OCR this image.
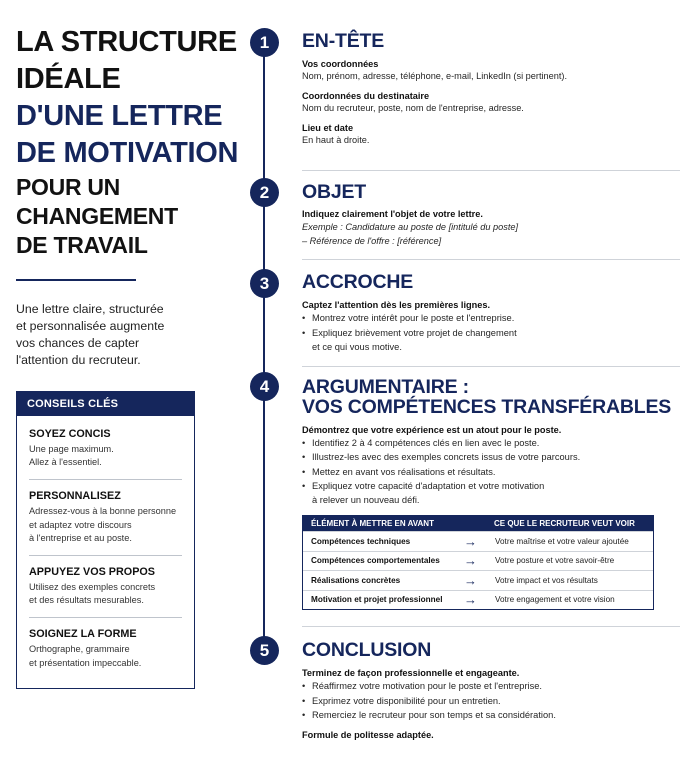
LA STRUCTURE
IDÉALE
D'UNE LETTRE
DE MOTIVATION
POUR UN
CHANGEMENT
DE TRAVAIL
Une lettre claire, structurée
et personnalisée augmente
vos chances de capter
l'attention du recruteur.
CONSEILS CLÉS
SOYEZ CONCIS
Une page maximum.
Allez à l'essentiel.
PERSONNALISEZ
Adressez-vous à la bonne personne
et adaptez votre discours
à l'entreprise et au poste.
APPUYEZ VOS PROPOS
Utilisez des exemples concrets
et des résultats mesurables.
SOIGNEZ LA FORME
Orthographe, grammaire
et présentation impeccable.
1
2
3
4
5
EN-TÊTE
Vos coordonnées
Nom, prénom, adresse, téléphone, e-mail, LinkedIn (si pertinent).
Coordonnées du destinataire
Nom du recruteur, poste, nom de l'entreprise, adresse.
Lieu et date
En haut à droite.
OBJET
Indiquez clairement l'objet de votre lettre.
Exemple : Candidature au poste de [intitulé du poste]
– Référence de l'offre : [référence]
ACCROCHE
Captez l'attention dès les premières lignes.
• Montrez votre intérêt pour le poste et l'entreprise.
• Expliquez brièvement votre projet de changement
et ce qui vous motive.
ARGUMENTAIRE :
VOS COMPÉTENCES TRANSFÉRABLES
Démontrez que votre expérience est un atout pour le poste.
• Identifiez 2 à 4 compétences clés en lien avec le poste.
• Illustrez-les avec des exemples concrets issus de votre parcours.
• Mettez en avant vos réalisations et résultats.
• Expliquez votre capacité d'adaptation et votre motivation
à relever un nouveau défi.
ÉLÉMENT À METTRE EN AVANT	CE QUE LE RECRUTEUR VEUT VOIR
Compétences techniques	→	Votre maîtrise et votre valeur ajoutée
Compétences comportementales	→	Votre posture et votre savoir-être
Réalisations concrètes	→	Votre impact et vos résultats
Motivation et projet professionnel	→	Votre engagement et votre vision
CONCLUSION
Terminez de façon professionnelle et engageante.
• Réaffirmez votre motivation pour le poste et l'entreprise.
• Exprimez votre disponibilité pour un entretien.
• Remerciez le recruteur pour son temps et sa considération.
Formule de politesse adaptée.
